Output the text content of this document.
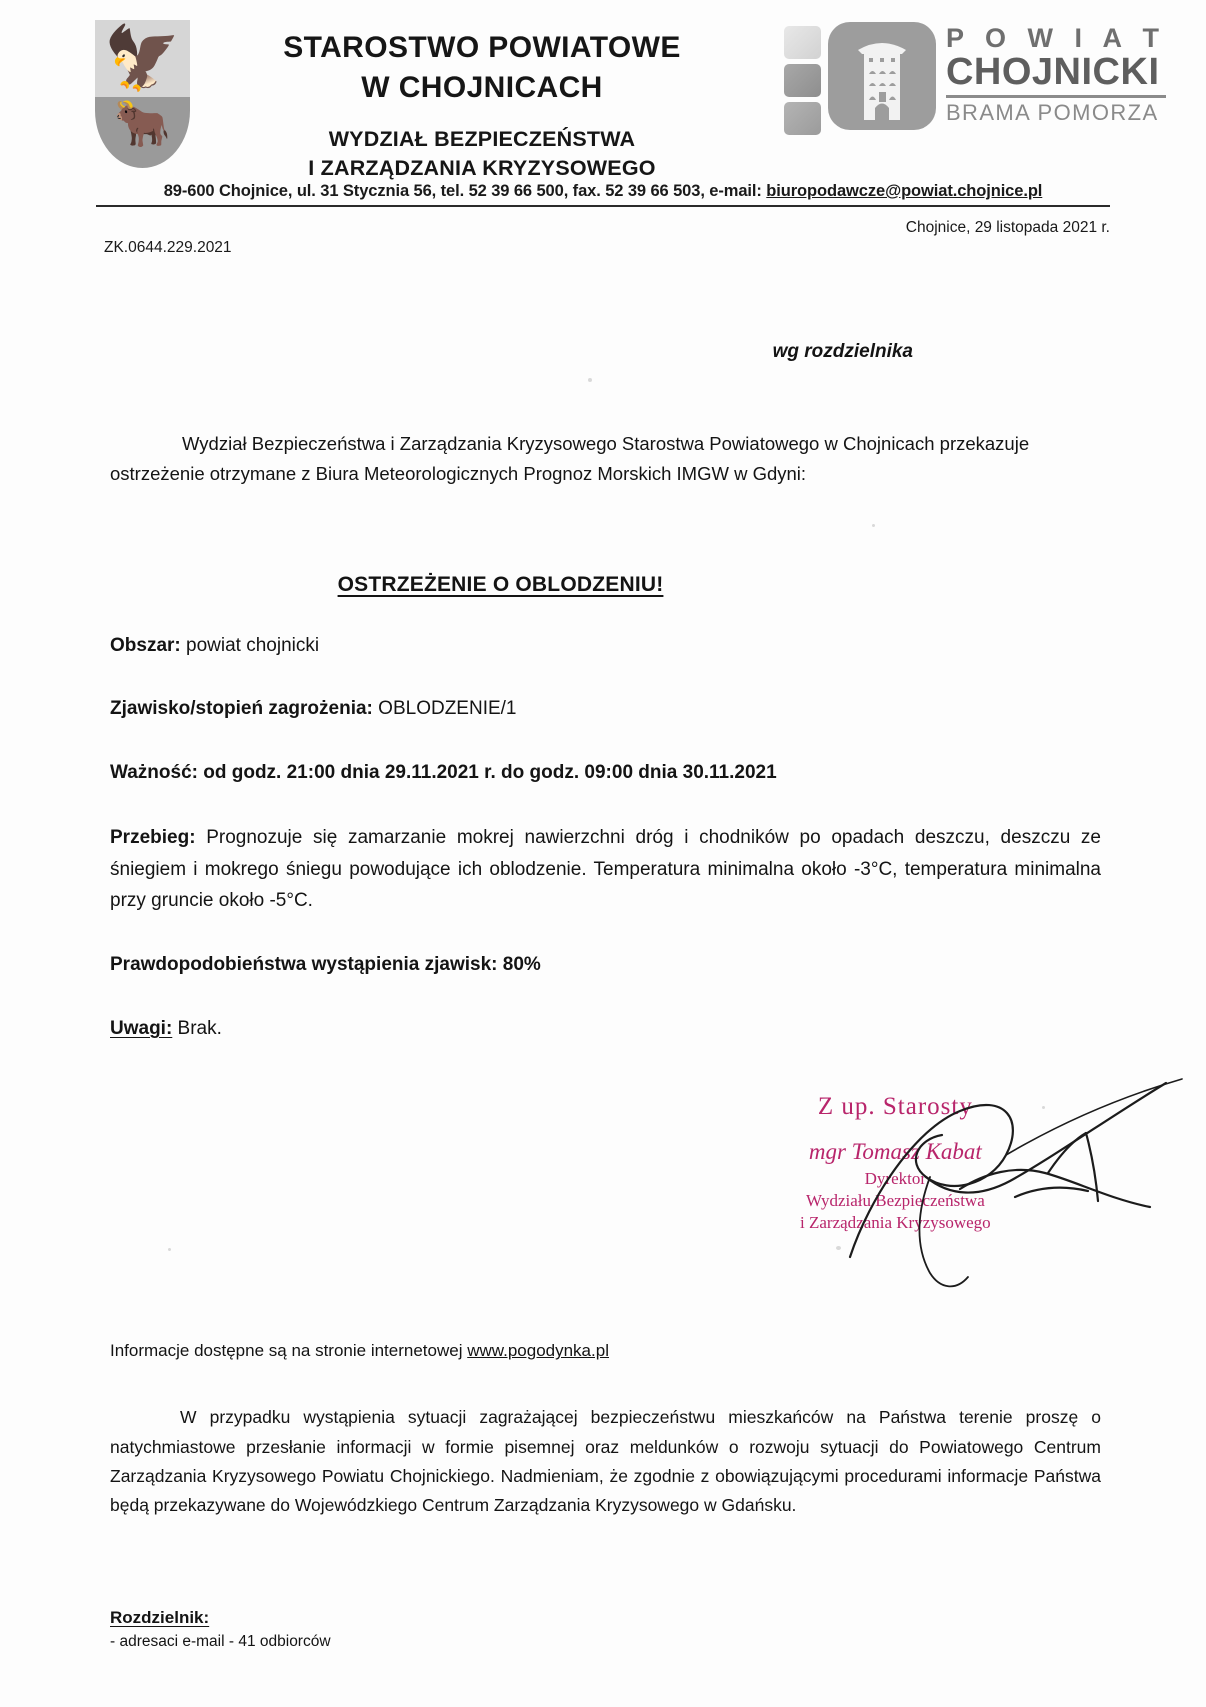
🦅
🐂
STAROSTWO POWIATOWE
W CHOJNICACH
WYDZIAŁ BEZPIECZEŃSTWA
I ZARZĄDZANIA KRYZYSOWEGO
P O W I A T
CHOJNICKI
BRAMA POMORZA
89-600 Chojnice, ul. 31 Stycznia 56, tel. 52 39 66 500, fax. 52 39 66 503, e-mail: biuropodawcze@powiat.chojnice.pl
Chojnice, 29 listopada 2021 r.
ZK.0644.229.2021
wg rozdzielnika
Wydział Bezpieczeństwa i Zarządzania Kryzysowego Starostwa Powiatowego w Chojnicach przekazuje ostrzeżenie otrzymane z Biura Meteorologicznych Prognoz Morskich IMGW w Gdyni:
OSTRZEŻENIE O OBLODZENIU!
Obszar: powiat chojnicki
Zjawisko/stopień zagrożenia: OBLODZENIE/1
Ważność: od godz. 21:00 dnia 29.11.2021 r. do godz. 09:00 dnia 30.11.2021
Przebieg: Prognozuje się zamarzanie mokrej nawierzchni dróg i chodników po opadach deszczu, deszczu ze śniegiem i mokrego śniegu powodujące ich oblodzenie. Temperatura minimalna około -3°C, temperatura minimalna przy gruncie około -5°C.
Prawdopodobieństwa wystąpienia zjawisk: 80%
Uwagi: Brak.
Z up. Starosty
mgr Tomasz Kabat
Dyrektor
Wydziału Bezpieczeństwa
i Zarządzania Kryzysowego
Informacje dostępne są na stronie internetowej www.pogodynka.pl
W przypadku wystąpienia sytuacji zagrażającej bezpieczeństwu mieszkańców na Państwa terenie proszę o natychmiastowe przesłanie informacji w formie pisemnej oraz meldunków o rozwoju sytuacji do Powiatowego Centrum Zarządzania Kryzysowego Powiatu Chojnickiego. Nadmieniam, że zgodnie z obowiązującymi procedurami informacje Państwa będą przekazywane do Wojewódzkiego Centrum Zarządzania Kryzysowego w Gdańsku.
Rozdzielnik:
- adresaci e-mail - 41 odbiorców
